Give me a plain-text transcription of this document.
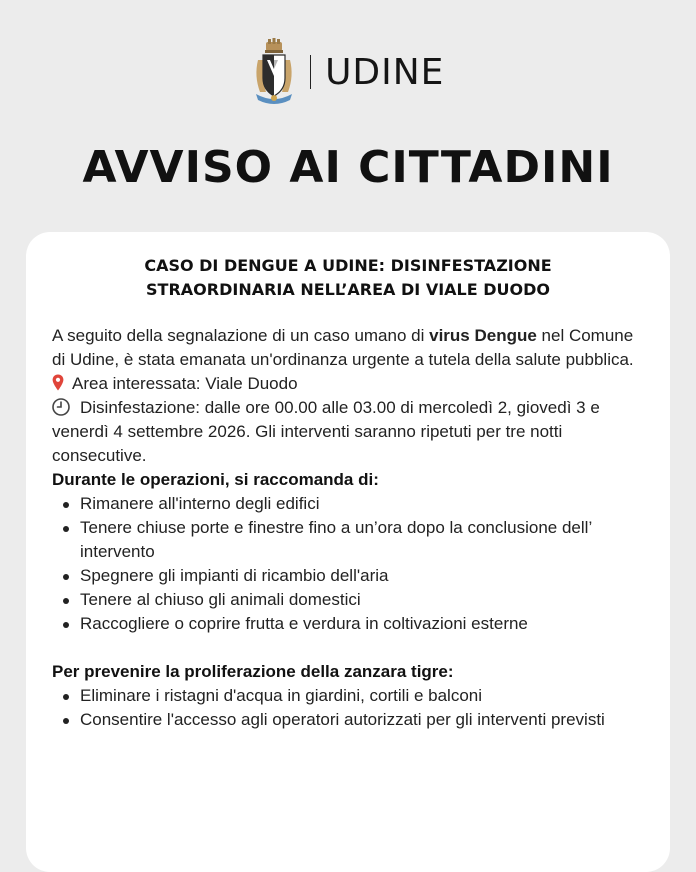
UDINE
AVVISO AI CITTADINI
CASO DI DENGUE A UDINE: DISINFESTAZIONE
STRAORDINARIA NELL’AREA DI VIALE DUODO

A seguito della segnalazione di un caso umano di virus Dengue nel Comune di Udine, è stata emanata un'ordinanza urgente a tutela della salute pubblica.

Area interessata: Viale Duodo

Disinfestazione: dalle ore 00.00 alle 03.00 di mercoledì 2, giovedì 3 e venerdì 4 settembre 2026. Gli interventi saranno ripetuti per tre notti consecutive.

Durante le operazioni, si raccomanda di:

Rimanere all'interno degli edifici
Tenere chiuse porte e finestre fino a un’ora dopo la conclusione dell’ intervento
Spegnere gli impianti di ricambio dell'aria
Tenere al chiuso gli animali domestici
Raccogliere o coprire frutta e verdura in coltivazioni esterne

Per prevenire la proliferazione della zanzara tigre:

Eliminare i ristagni d'acqua in giardini, cortili e balconi
Consentire l'accesso agli operatori autorizzati per gli interventi previsti
